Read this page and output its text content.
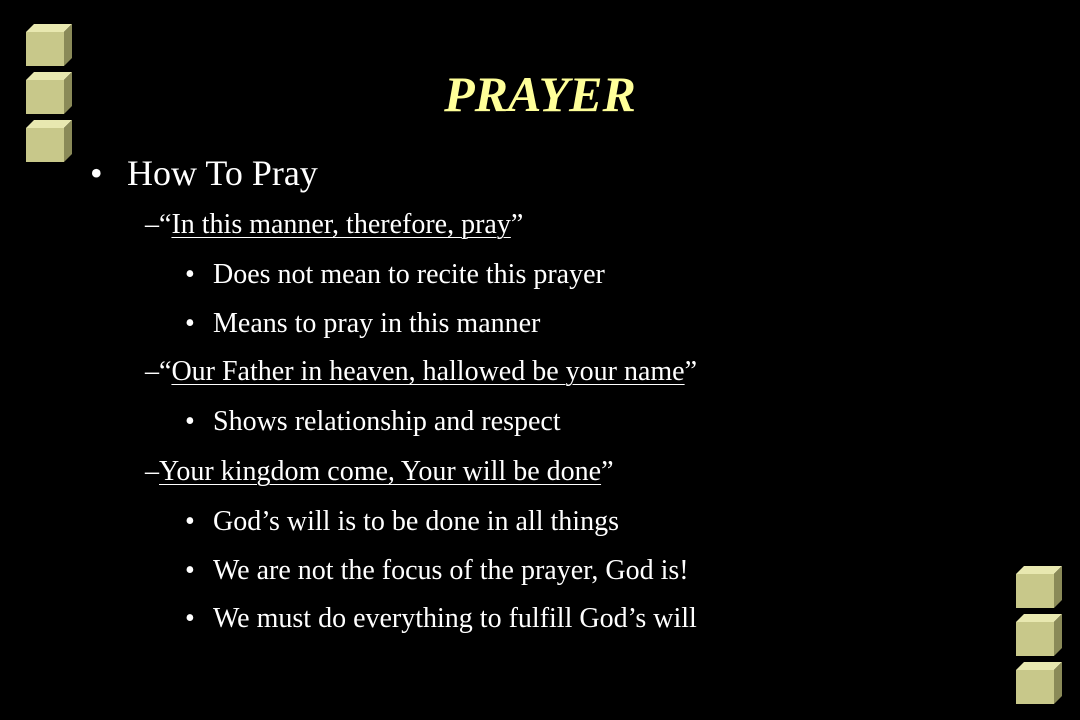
PRAYER
• How To Pray
–“In this manner, therefore, pray”
• Does not mean to recite this prayer
• Means to pray in this manner
–“Our Father in heaven, hallowed be your name”
• Shows relationship and respect
–Your kingdom come, Your will be done”
• God’s will is to be done in all things
• We are not the focus of the prayer, God is!
• We must do everything to fulfill God’s will
